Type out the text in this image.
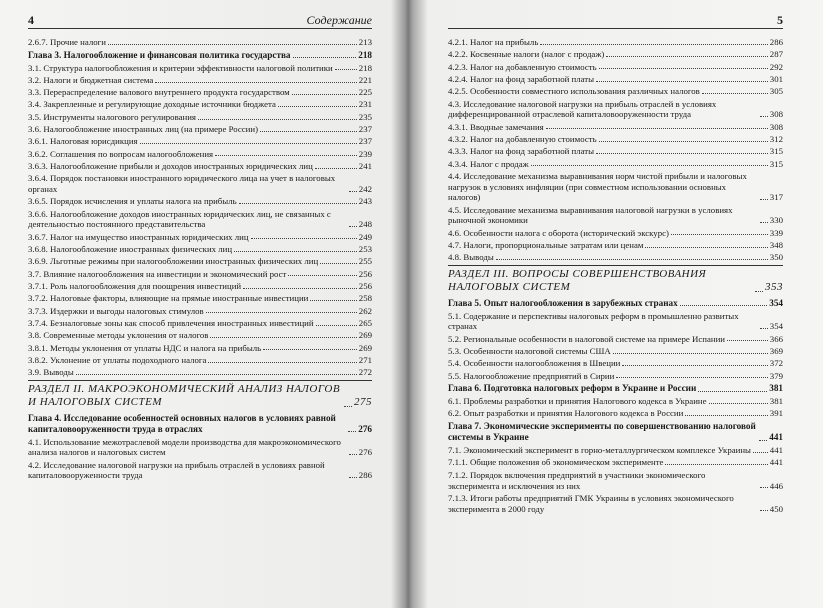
4	Содержание
2.6.7. Прочие налоги	213
Глава 3. Налогообложение и финансовая политика государства	218
3.1. Структура налогообложения и критерии эффективности налоговой политики	218
3.2. Налоги и бюджетная система	221
3.3. Перераспределение валового внутреннего продукта государством	225
3.4. Закрепленные и регулирующие доходные источники бюджета	231
3.5. Инструменты налогового регулирования	235
3.6. Налогообложение иностранных лиц (на примере России)	237
3.6.1. Налоговая юрисдикция	237
3.6.2. Соглашения по вопросам налогообложения	239
3.6.3. Налогообложение прибыли и доходов иностранных юридических лиц	241
3.6.4. Порядок постановки иностранного юридического лица на учет в налоговых органах	242
3.6.5. Порядок исчисления и уплаты налога на прибыль	243
3.6.6. Налогообложение доходов иностранных юридических лиц, не связанных с деятельностью постоянного представительства	248
3.6.7. Налог на имущество иностранных юридических лиц	249
3.6.8. Налогообложение иностранных физических лиц	253
3.6.9. Льготные режимы при налогообложении иностранных физических лиц	255
3.7. Влияние налогообложения на инвестиции и экономический рост	256
3.7.1. Роль налогообложения для поощрения инвестиций	256
3.7.2. Налоговые факторы, влияющие на прямые иностранные инвестиции	258
3.7.3. Издержки и выгоды налоговых стимулов	262
3.7.4. Безналоговые зоны как способ привлечения иностранных инвестиций	265
3.8. Современные методы уклонения от налогов	269
3.8.1. Методы уклонения от уплаты НДС и налога на прибыль	269
3.8.2. Уклонение от уплаты подоходного налога	271
3.9. Выводы	272
РАЗДЕЛ II. МАКРОЭКОНОМИЧЕСКИЙ АНАЛИЗ НАЛОГОВ И НАЛОГОВЫХ СИСТЕМ	275
Глава 4. Исследование особенностей основных налогов в условиях равной капиталовооруженности труда в отраслях	276
4.1. Использование межотраслевой модели производства для макроэкономического анализа налогов и налоговых систем	276
4.2. Исследование налоговой нагрузки на прибыль отраслей в условиях равной капиталовооруженности труда	286
5
4.2.1. Налог на прибыль	286
4.2.2. Косвенные налоги (налог с продаж)	287
4.2.3. Налог на добавленную стоимость	292
4.2.4. Налог на фонд заработной платы	301
4.2.5. Особенности совместного использования различных налогов	305
4.3. Исследование налоговой нагрузки на прибыль отраслей в условиях дифференцированной отраслевой капиталовооруженности труда	308
4.3.1. Вводные замечания	308
4.3.2. Налог на добавленную стоимость	312
4.3.3. Налог на фонд заработной платы	315
4.3.4. Налог с продаж	315
4.4. Исследование механизма выравнивания норм чистой прибыли и налоговых нагрузок в условиях инфляции (при совместном использовании основных налогов)	317
4.5. Исследование механизма выравнивания налоговой нагрузки в условиях рыночной экономики	330
4.6. Особенности налога с оборота (исторический экскурс)	339
4.7. Налоги, пропорциональные затратам или ценам	348
4.8. Выводы	350
РАЗДЕЛ III. ВОПРОСЫ СОВЕРШЕНСТВОВАНИЯ НАЛОГОВЫХ СИСТЕМ	353
Глава 5. Опыт налогообложения в зарубежных странах	354
5.1. Содержание и перспективы налоговых реформ в промышленно развитых странах	354
5.2. Региональные особенности в налоговой системе на примере Испании	366
5.3. Особенности налоговой системы США	369
5.4. Особенности налогообложения в Швеции	372
5.5. Налогообложение предприятий в Сирии	379
Глава 6. Подготовка налоговых реформ в Украине и России	381
6.1. Проблемы разработки и принятия Налогового кодекса в Украине	381
6.2. Опыт разработки и принятия Налогового кодекса в России	391
Глава 7. Экономические эксперименты по совершенствованию налоговой системы в Украине	441
7.1. Экономический эксперимент в горно-металлургическом комплексе Украины 441
7.1.1. Общие положения об экономическом эксперименте	441
7.1.2. Порядок включения предприятий в участники экономического эксперимента и исключения из них	446
7.1.3. Итоги работы предприятий ГМК Украины в условиях экономического эксперимента в 2000 году	450
